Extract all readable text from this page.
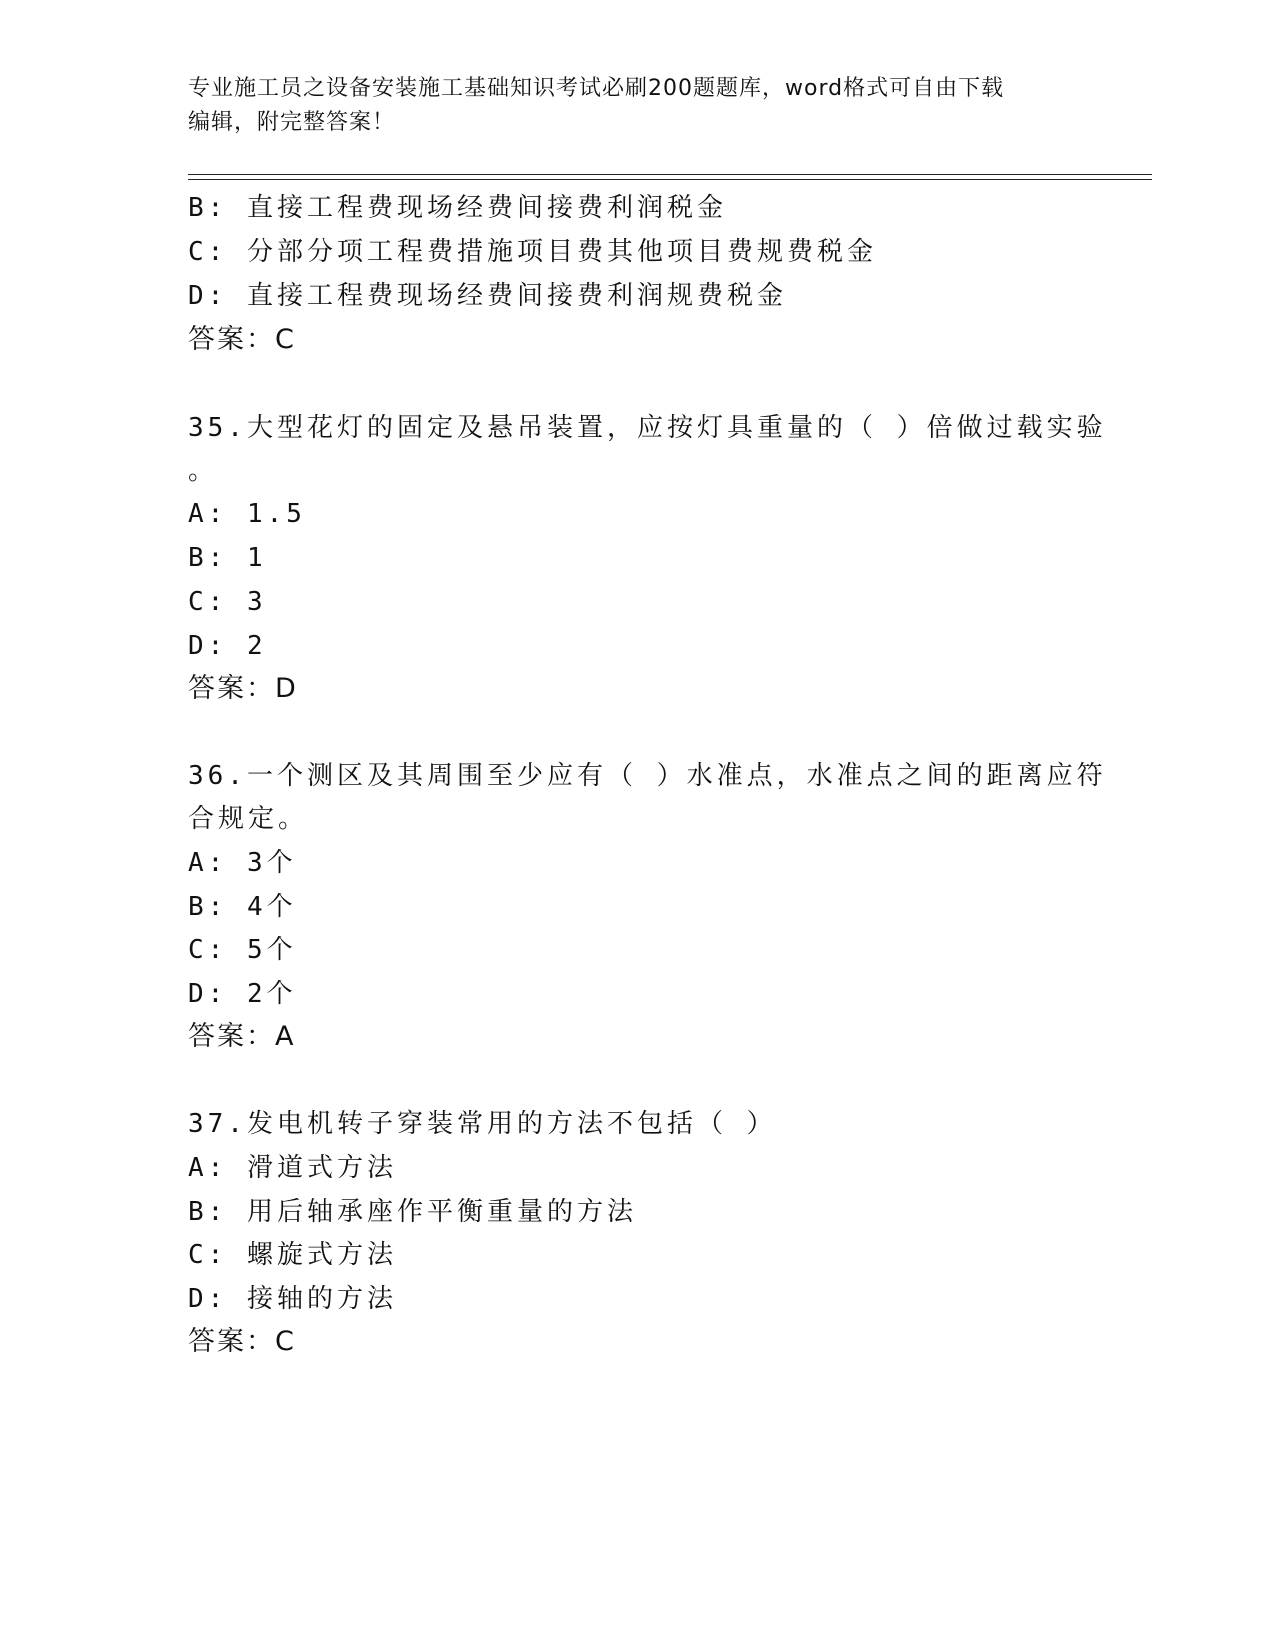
专业施工员之设备安装施工基础知识考试必刷200题题库，word格式可自由下载
编辑，附完整答案！
B: 直接工程费现场经费间接费利润税金
C: 分部分项工程费措施项目费其他项目费规费税金
D: 直接工程费现场经费间接费利润规费税金
答案：C
35.大型花灯的固定及悬吊装置，应按灯具重量的（ ）倍做过载实验
。
A: 1.5
B: 1
C: 3
D: 2
答案：D
36.一个测区及其周围至少应有（ ）水准点，水准点之间的距离应符
合规定。
A: 3个
B: 4个
C: 5个
D: 2个
答案：A
37.发电机转子穿装常用的方法不包括（ ）
A: 滑道式方法
B: 用后轴承座作平衡重量的方法
C: 螺旋式方法
D: 接轴的方法
答案：C
